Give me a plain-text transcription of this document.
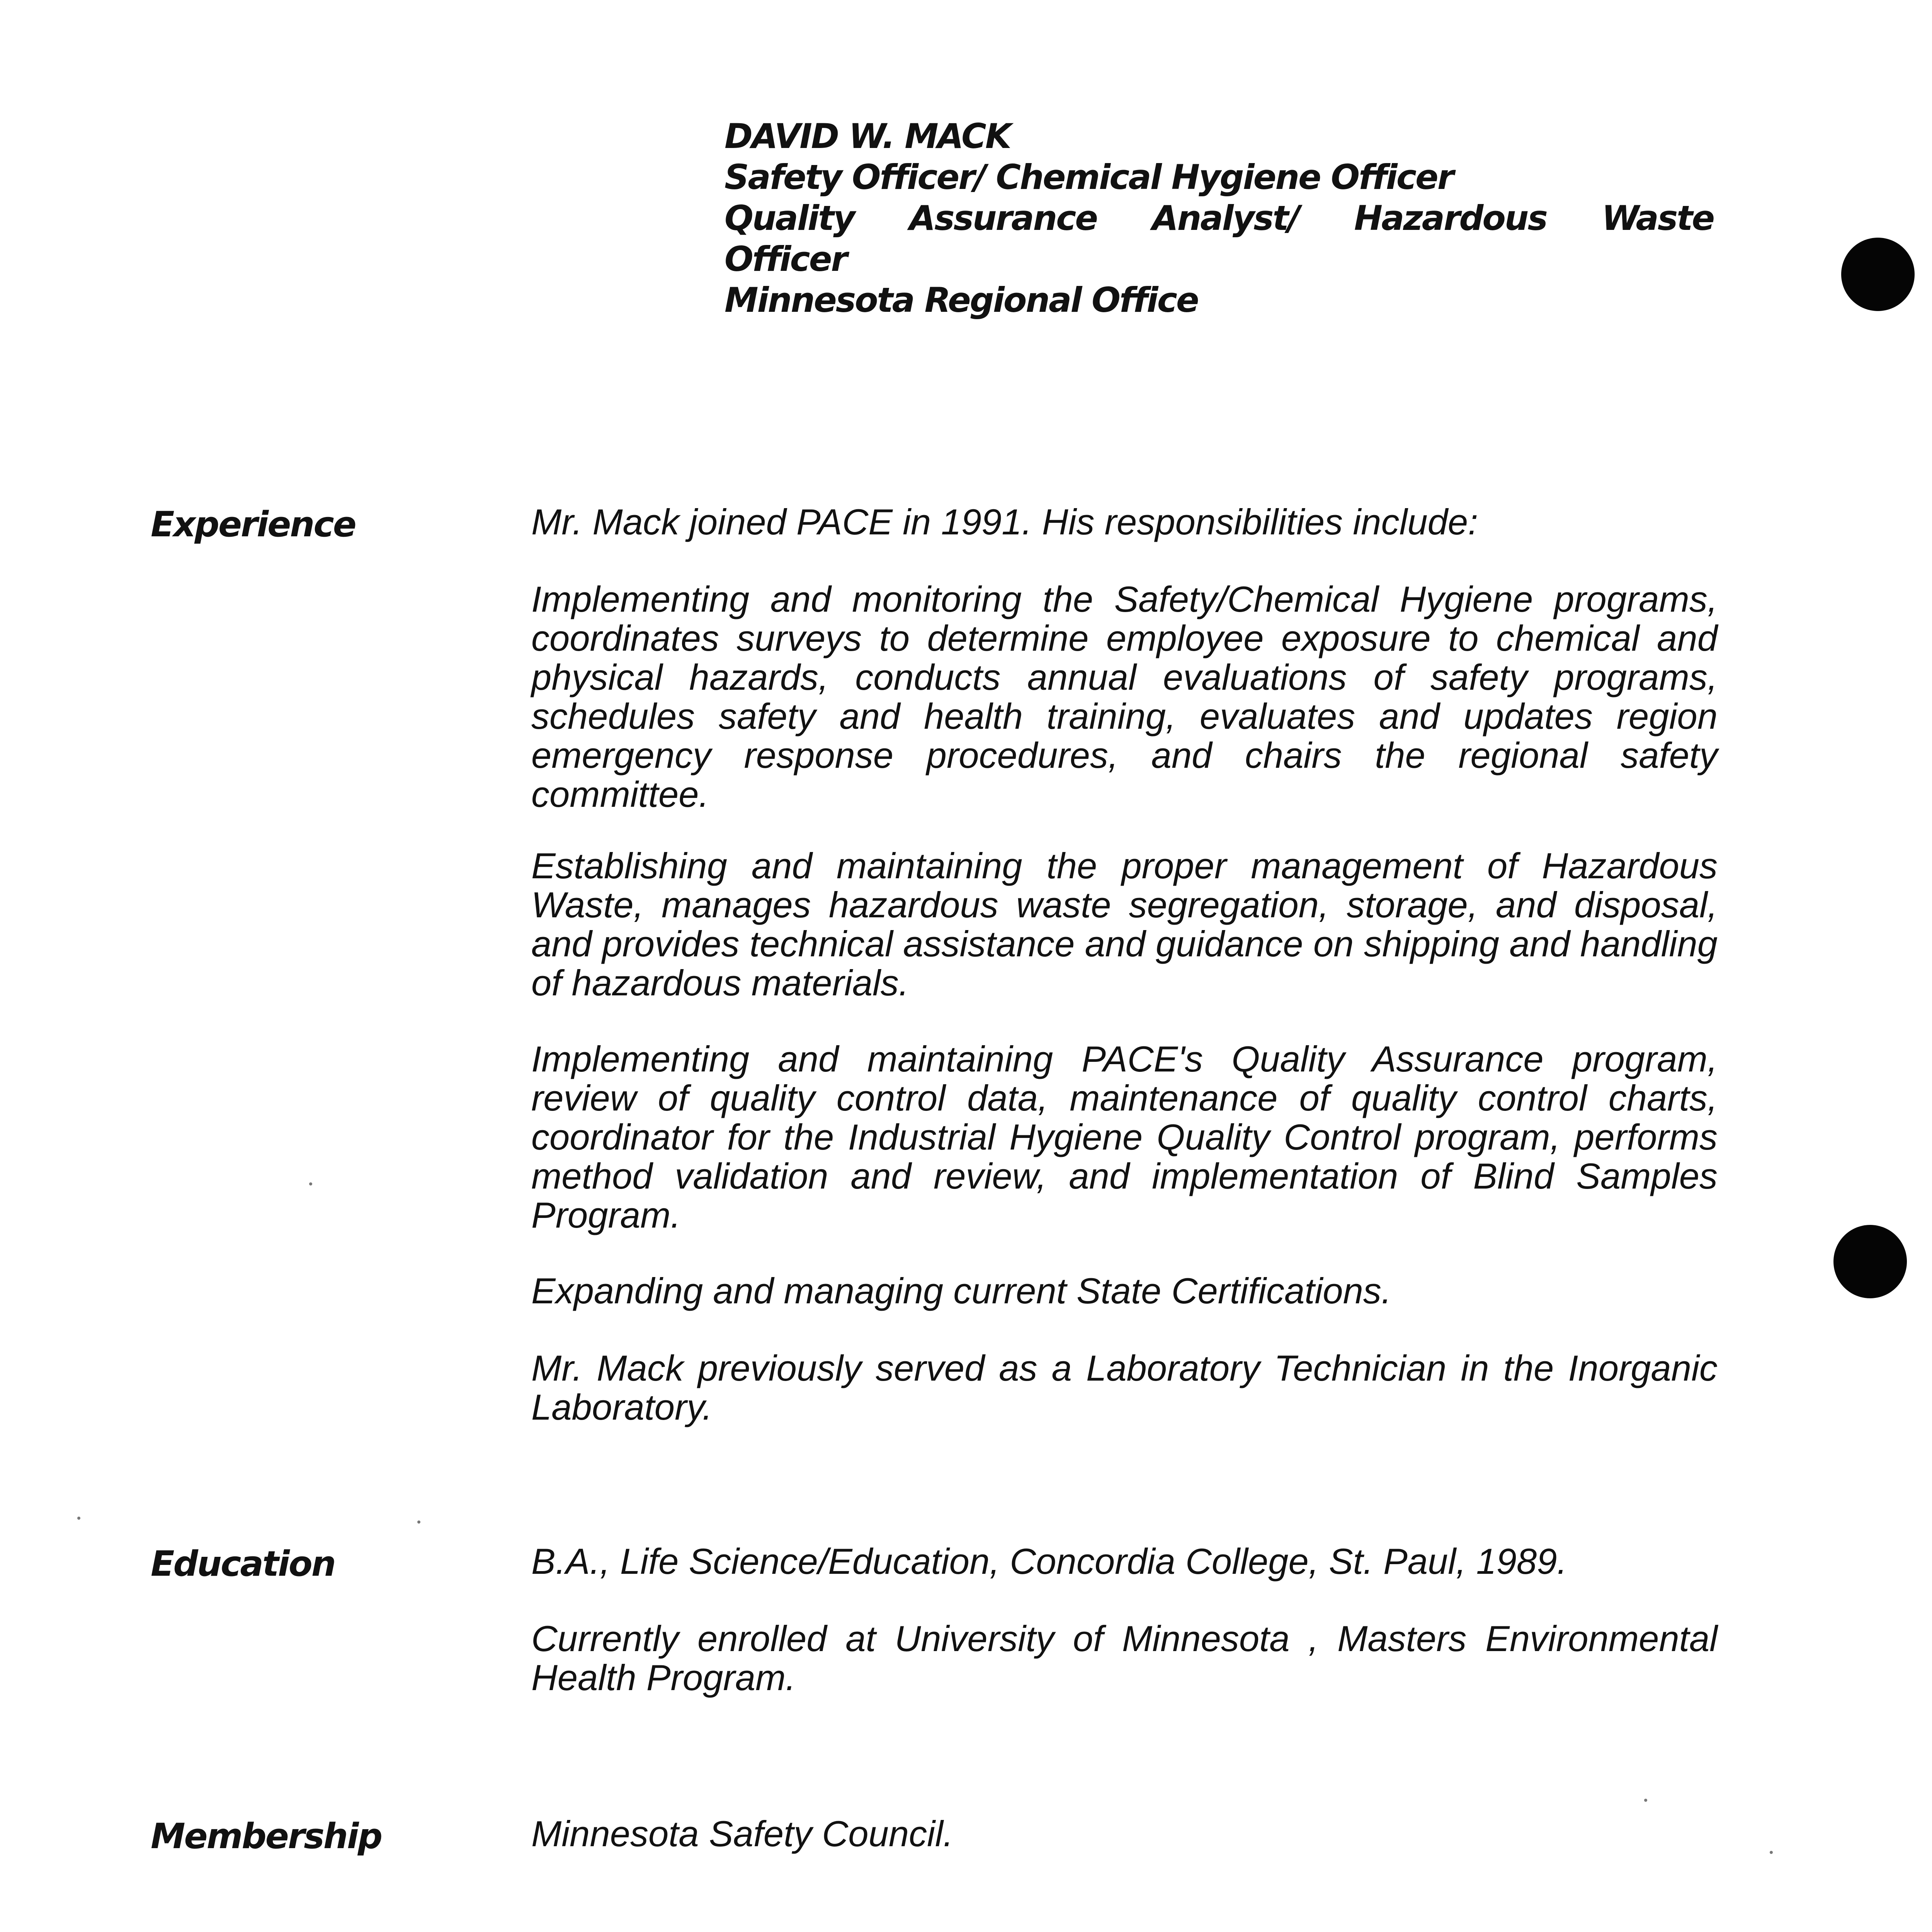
DAVID W. MACK
Safety Officer/ Chemical Hygiene Officer
Quality Assurance Analyst/ Hazardous Waste
Officer
Minnesota Regional Office
Experience	Mr. Mack joined PACE in 1991. His responsibilities include:
Implementing and monitoring the Safety/Chemical Hygiene programs, coordinates surveys to determine employee exposure to chemical and physical hazards, conducts annual evaluations of safety programs, schedules safety and health training, evaluates and updates region emergency response procedures, and chairs the regional safety committee.
Establishing and maintaining the proper management of Hazardous Waste, manages hazardous waste segregation, storage, and disposal, and provides technical assistance and guidance on shipping and handling of hazardous materials.
Implementing and maintaining PACE's Quality Assurance program, review of quality control data, maintenance of quality control charts, coordinator for the Industrial Hygiene Quality Control program, performs method validation and review, and implementation of Blind Samples Program.
Expanding and managing current State Certifications.
Mr. Mack previously served as a Laboratory Technician in the Inorganic Laboratory.
Education	B.A., Life Science/Education, Concordia College, St. Paul, 1989.
Currently enrolled at University of Minnesota , Masters Environmental Health Program.
Membership	Minnesota Safety Council.
